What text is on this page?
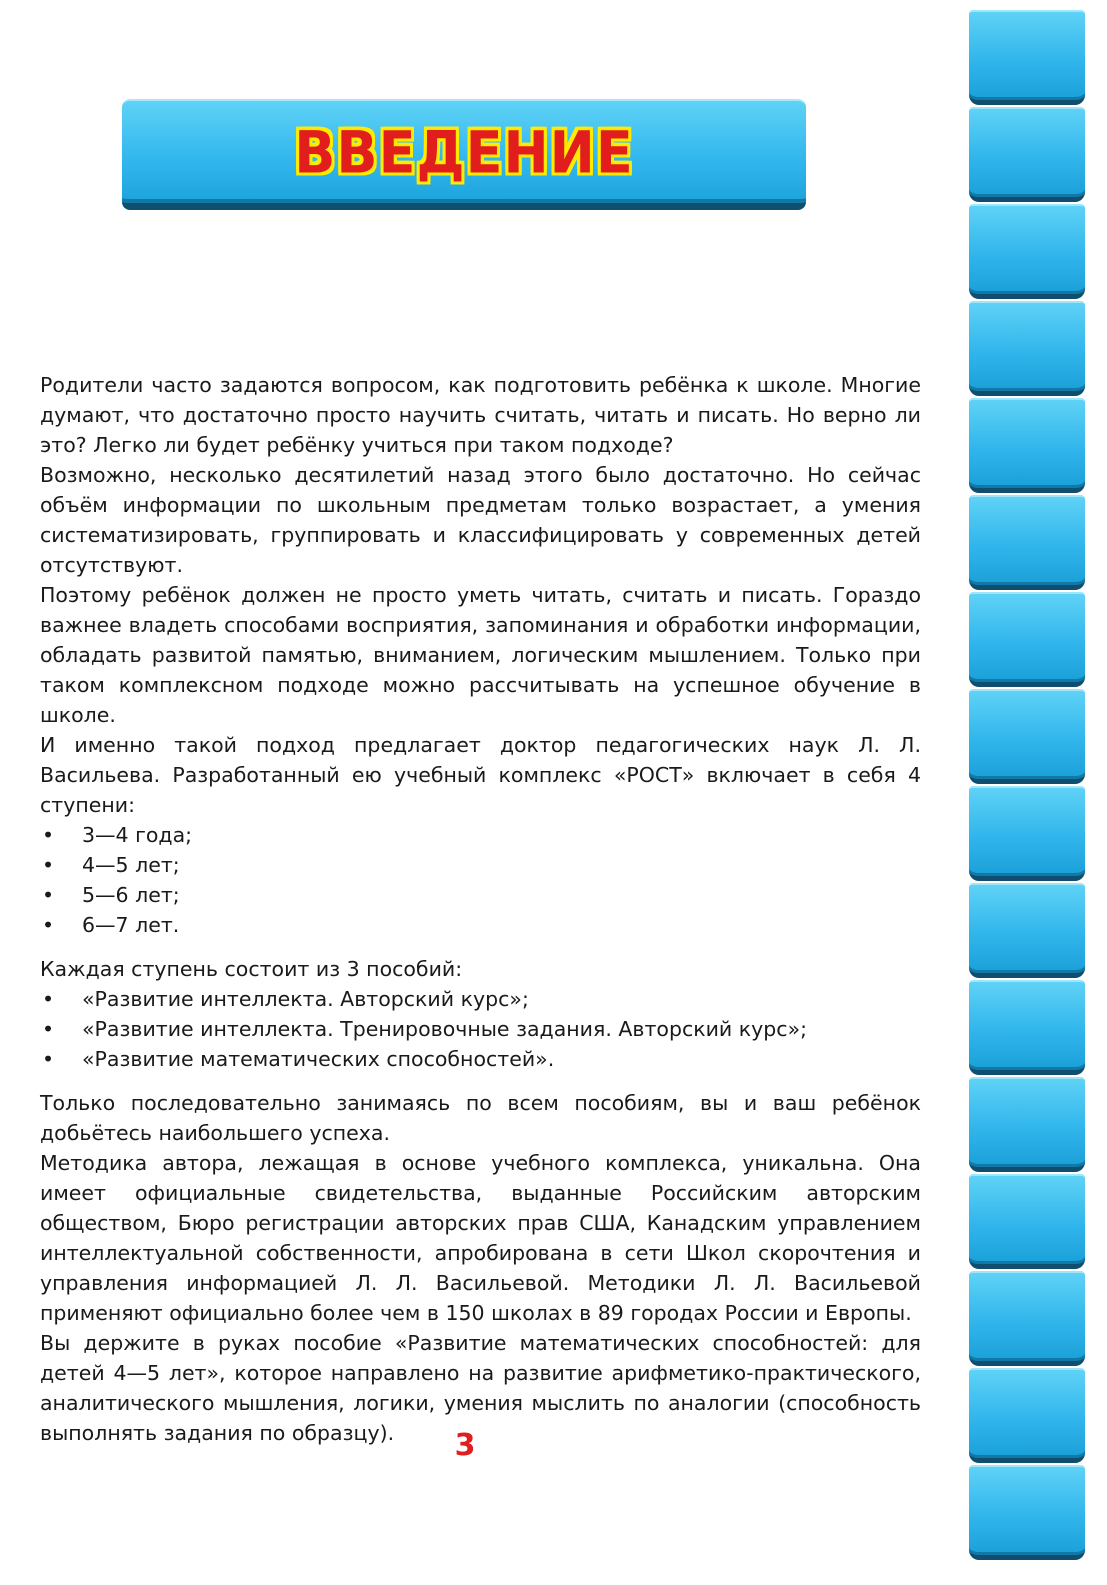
ВВЕДЕНИЕ

Родители часто задаются вопросом, как подготовить ребёнка к школе. Многие думают, что достаточно просто научить считать, читать и писать. Но верно ли это? Легко ли будет ребёнку учиться при таком подходе?

Возможно, несколько десятилетий назад этого было достаточно. Но сейчас объём информации по школьным предметам только возрастает, а умения систематизировать, группировать и классифицировать у современных детей отсутствуют.

Поэтому ребёнок должен не просто уметь читать, считать и писать. Гораздо важнее владеть способами восприятия, запоминания и обработки информации, обладать развитой памятью, вниманием, логическим мышлением. Только при таком комплексном подходе можно рассчитывать на успешное обучение в школе.

И именно такой подход предлагает доктор педагогических наук Л. Л. Васильева. Разработанный ею учебный комплекс «РОСТ» включает в себя 4 ступени:

• 3—4 года;
• 4—5 лет;
• 5—6 лет;
• 6—7 лет.

Каждая ступень состоит из 3 пособий:

• «Развитие интеллекта. Авторский курс»;
• «Развитие интеллекта. Тренировочные задания. Авторский курс»;
• «Развитие математических способностей».

Только последовательно занимаясь по всем пособиям, вы и ваш ребёнок добьётесь наибольшего успеха.

Методика автора, лежащая в основе учебного комплекса, уникальна. Она имеет официальные свидетельства, выданные Российским авторским обществом, Бюро регистрации авторских прав США, Канадским управлением интеллектуальной собственности, апробирована в сети Школ скорочтения и управления информацией Л. Л. Васильевой. Методики Л. Л. Васильевой применяют официально более чем в 150 школах в 89 городах России и Европы.

Вы держите в руках пособие «Развитие математических способностей: для детей 4—5 лет», которое направлено на развитие арифметико-практического, аналитического мышления, логики, умения мыслить по аналогии (способность выполнять задания по образцу).	3
